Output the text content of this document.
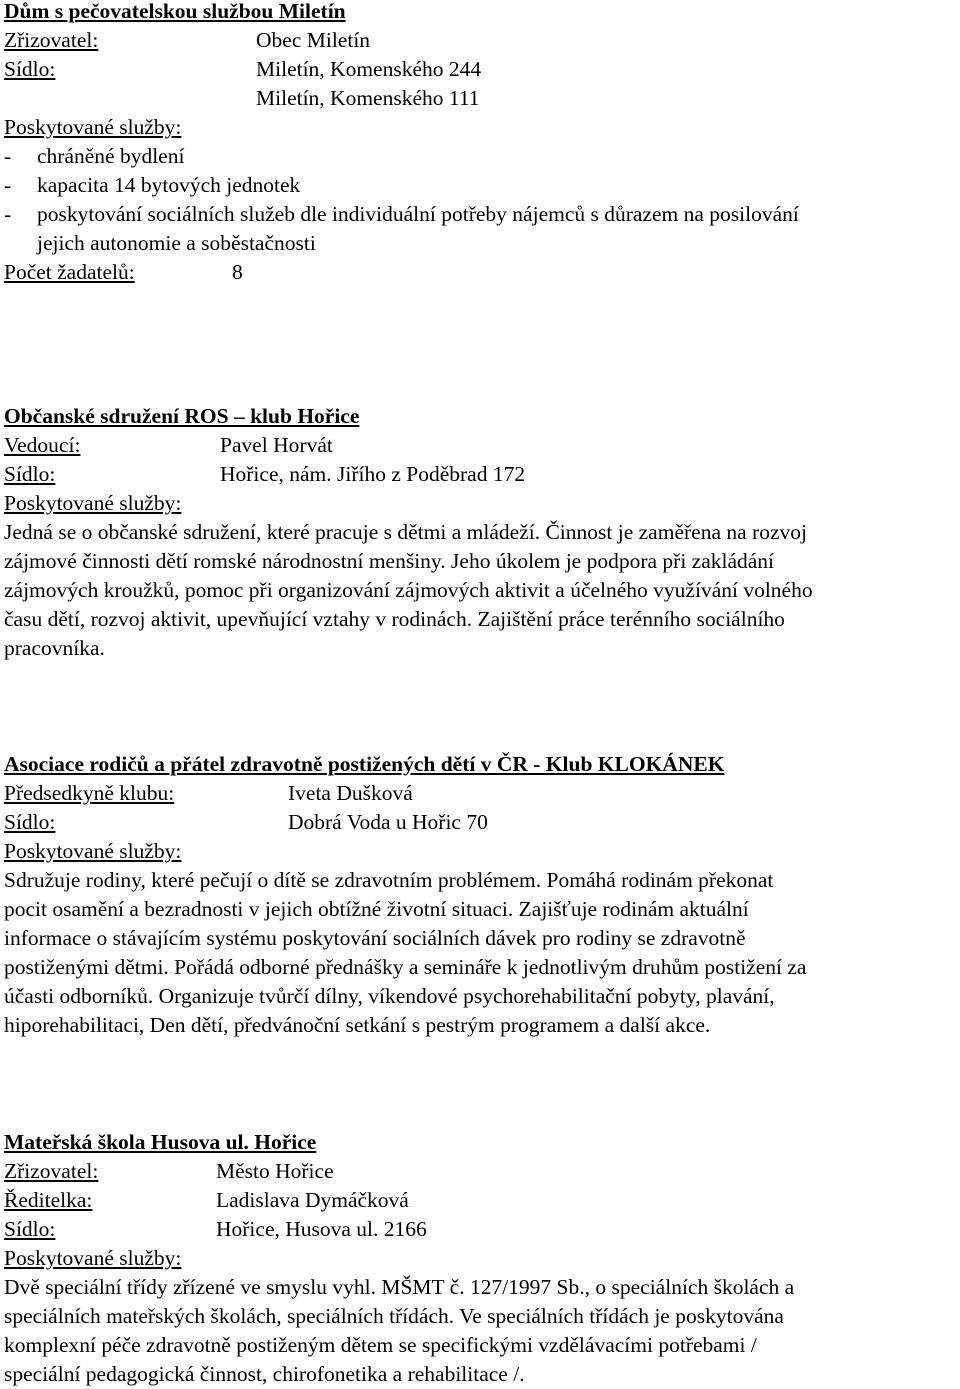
Dům s pečovatelskou službou Miletín
Zřizovatel:	Obec Miletín
Sídlo:	Miletín, Komenského 244
Miletín, Komenského 111
Poskytované služby:
- chráněné bydlení
- kapacita 14 bytových jednotek
- poskytování sociálních služeb dle individuální potřeby nájemců s důrazem na posilování
jejich autonomie a soběstačnosti
Počet žadatelů:	8
Občanské sdružení ROS – klub Hořice
Vedoucí:	Pavel Horvát
Sídlo:	Hořice, nám. Jiřího z Poděbrad 172
Poskytované služby:
Jedná se o občanské sdružení, které pracuje s dětmi a mládeží. Činnost je zaměřena na rozvoj
zájmové činnosti dětí romské národnostní menšiny. Jeho úkolem je podpora při zakládání
zájmových kroužků, pomoc při organizování zájmových aktivit a účelného využívání volného
času dětí, rozvoj aktivit, upevňující vztahy v rodinách. Zajištění práce terénního sociálního
pracovníka.
Asociace rodičů a přátel zdravotně postižených dětí v ČR - Klub KLOKÁNEK
Předsedkyně klubu:	Iveta Dušková
Sídlo:	Dobrá Voda u Hořic 70
Poskytované služby:
Sdružuje rodiny, které pečují o dítě se zdravotním problémem. Pomáhá rodinám překonat
pocit osamění a bezradnosti v jejich obtížné životní situaci. Zajišťuje rodinám aktuální
informace o stávajícím systému poskytování sociálních dávek pro rodiny se zdravotně
postiženými dětmi. Pořádá odborné přednášky a semináře k jednotlivým druhům postižení za
účasti odborníků. Organizuje tvůrčí dílny, víkendové psychorehabilitační pobyty, plavání,
hiporehabilitaci, Den dětí, předvánoční setkání s pestrým programem a další akce.
Mateřská škola Husova ul. Hořice
Zřizovatel:	Město Hořice
Ředitelka:	Ladislava Dymáčková
Sídlo:	Hořice, Husova ul. 2166
Poskytované služby:
Dvě speciální třídy zřízené ve smyslu vyhl. MŠMT č. 127/1997 Sb., o speciálních školách a
speciálních mateřských školách, speciálních třídách. Ve speciálních třídách je poskytována
komplexní péče zdravotně postiženým dětem se specifickými vzdělávacími potřebami /
speciální pedagogická činnost, chirofonetika a rehabilitace /.
